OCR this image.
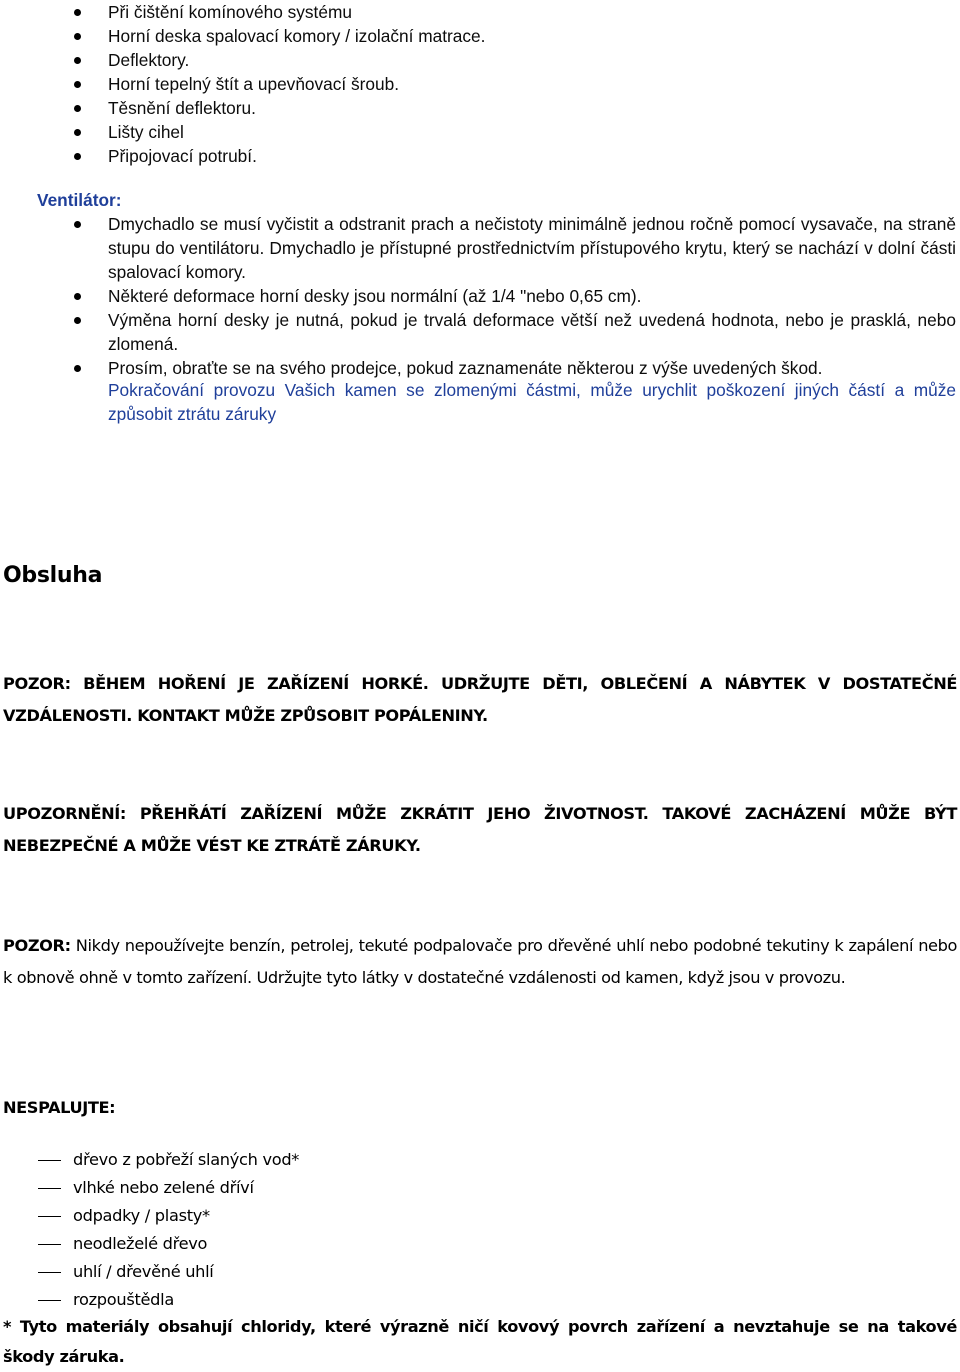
Při čištění komínového systému
Horní deska spalovací komory / izolační matrace.
Deflektory.
Horní tepelný štít a upevňovací šroub.
Těsnění deflektoru.
Lišty cihel
Připojovací potrubí.
Ventilátor:
Dmychadlo se musí vyčistit a odstranit prach a nečistoty minimálně jednou ročně pomocí vysavače, na straně stupu do ventilátoru. Dmychadlo je přístupné prostřednictvím přístupového krytu, který se nachází v dolní části spalovací komory.
Některé deformace horní desky jsou normální (až 1/4 "nebo 0,65 cm).
Výměna horní desky je nutná, pokud je trvalá deformace větší než uvedená hodnota, nebo je prasklá, nebo zlomená.
Prosím, obraťte se na svého prodejce, pokud zaznamenáte některou z výše uvedených škod.
Pokračování provozu Vašich kamen se zlomenými částmi, může urychlit poškození jiných částí a může způsobit ztrátu záruky
Obsluha
POZOR: BĚHEM HOŘENÍ JE ZAŘÍZENÍ HORKÉ. UDRŽUJTE DĚTI, OBLEČENÍ A NÁBYTEK V DOSTATEČNÉ VZDÁLENOSTI. KONTAKT MŮŽE ZPŮSOBIT POPÁLENINY.
UPOZORNĚNÍ: PŘEHŘÁTÍ ZAŘÍZENÍ MŮŽE ZKRÁTIT JEHO ŽIVOTNOST. TAKOVÉ ZACHÁZENÍ MŮŽE BÝT NEBEZPEČNÉ A MŮŽE VÉST KE ZTRÁTĚ ZÁRUKY.
POZOR: Nikdy nepoužívejte benzín, petrolej, tekuté podpalovače pro dřevěné uhlí nebo podobné tekutiny k zapálení nebo k obnově ohně v tomto zařízení. Udržujte tyto látky v dostatečné vzdálenosti od kamen, když jsou v provozu.
NESPALUJTE:
dřevo z pobřeží slaných vod*
vlhké nebo zelené dříví
odpadky / plasty*
neodleželé dřevo
uhlí / dřevěné uhlí
rozpouštědla
* Tyto materiály obsahují chloridy, které výrazně ničí kovový povrch zařízení a nevztahuje se na takové škody záruka.
